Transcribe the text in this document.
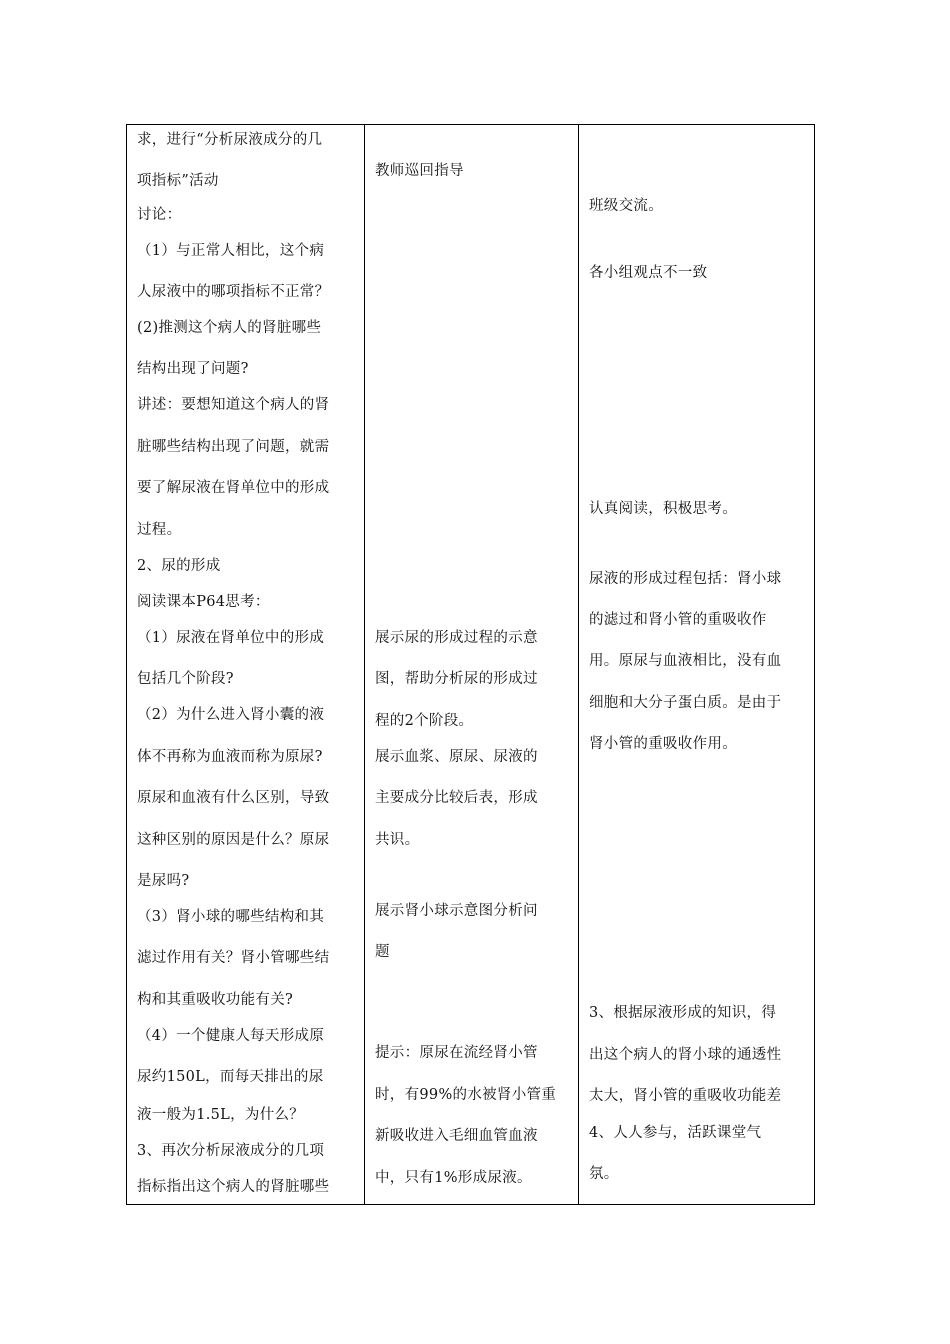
求，进行“分析尿液成分的几
项指标”活动
讨论：
（1）与正常人相比，这个病
人尿液中的哪项指标不正常？
(2)推测这个病人的肾脏哪些
结构出现了问题?
讲述：要想知道这个病人的肾
脏哪些结构出现了问题，就需
要了解尿液在肾单位中的形成
过程。
2、尿的形成
阅读课本P64思考：
（1）尿液在肾单位中的形成
包括几个阶段?
（2）为什么进入肾小囊的液
体不再称为血液而称为原尿?
原尿和血液有什么区别，导致
这种区别的原因是什么？原尿
是尿吗?
（3）肾小球的哪些结构和其
滤过作用有关？肾小管哪些结
构和其重吸收功能有关?
（4）一个健康人每天形成原
尿约150L，而每天排出的尿
液一般为1.5L，为什么？
3、再次分析尿液成分的几项
指标指出这个病人的肾脏哪些
教师巡回指导
展示尿的形成过程的示意
图，帮助分析尿的形成过
程的2个阶段。
展示血浆、原尿、尿液的
主要成分比较后表，形成
共识。
展示肾小球示意图分析问
题
提示：原尿在流经肾小管
时，有99%的水被肾小管重
新吸收进入毛细血管血液
中，只有1%形成尿液。
班级交流。
各小组观点不一致
认真阅读，积极思考。
尿液的形成过程包括：肾小球
的滤过和肾小管的重吸收作
用。原尿与血液相比，没有血
细胞和大分子蛋白质。是由于
肾小管的重吸收作用。
3、根据尿液形成的知识，得
出这个病人的肾小球的通透性
太大，肾小管的重吸收功能差
4、人人参与，活跃课堂气
氛。
